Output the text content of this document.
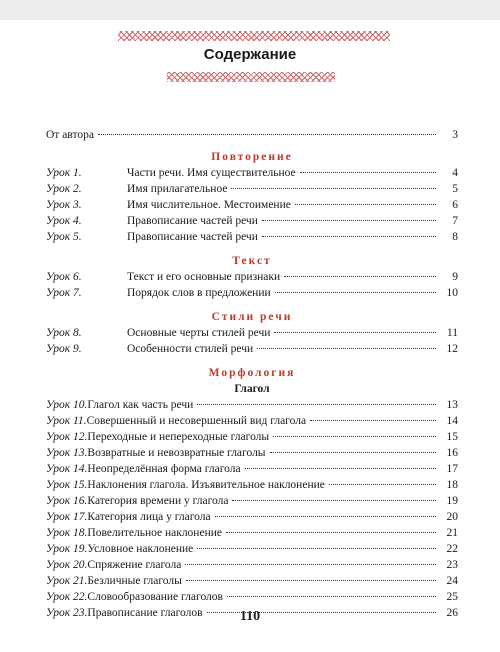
Содержание
От автора	3
Повторение
Урок 1.	Части речи. Имя существительное	4
Урок 2.	Имя прилагательное	5
Урок 3.	Имя числительное. Местоимение	6
Урок 4.	Правописание частей речи	7
Урок 5.	Правописание частей речи	8
Текст
Урок 6.	Текст и его основные признаки	9
Урок 7.	Порядок слов в предложении	10
Стили речи
Урок 8.	Основные черты стилей речи	11
Урок 9.	Особенности стилей речи	12
Морфология
Глагол
Урок 10. Глагол как часть речи	13
Урок 11. Совершенный и несовершенный вид глагола	14
Урок 12. Переходные и непереходные глаголы	15
Урок 13. Возвратные и невозвратные глаголы	16
Урок 14. Неопределённая форма глагола	17
Урок 15. Наклонения глагола. Изъявительное наклонение	18
Урок 16. Категория времени у глагола	19
Урок 17. Категория лица у глагола	20
Урок 18. Повелительное наклонение	21
Урок 19. Условное наклонение	22
Урок 20. Спряжение глагола	23
Урок 21. Безличные глаголы	24
Урок 22. Словообразование глаголов	25
Урок 23. Правописание глаголов	26
110
